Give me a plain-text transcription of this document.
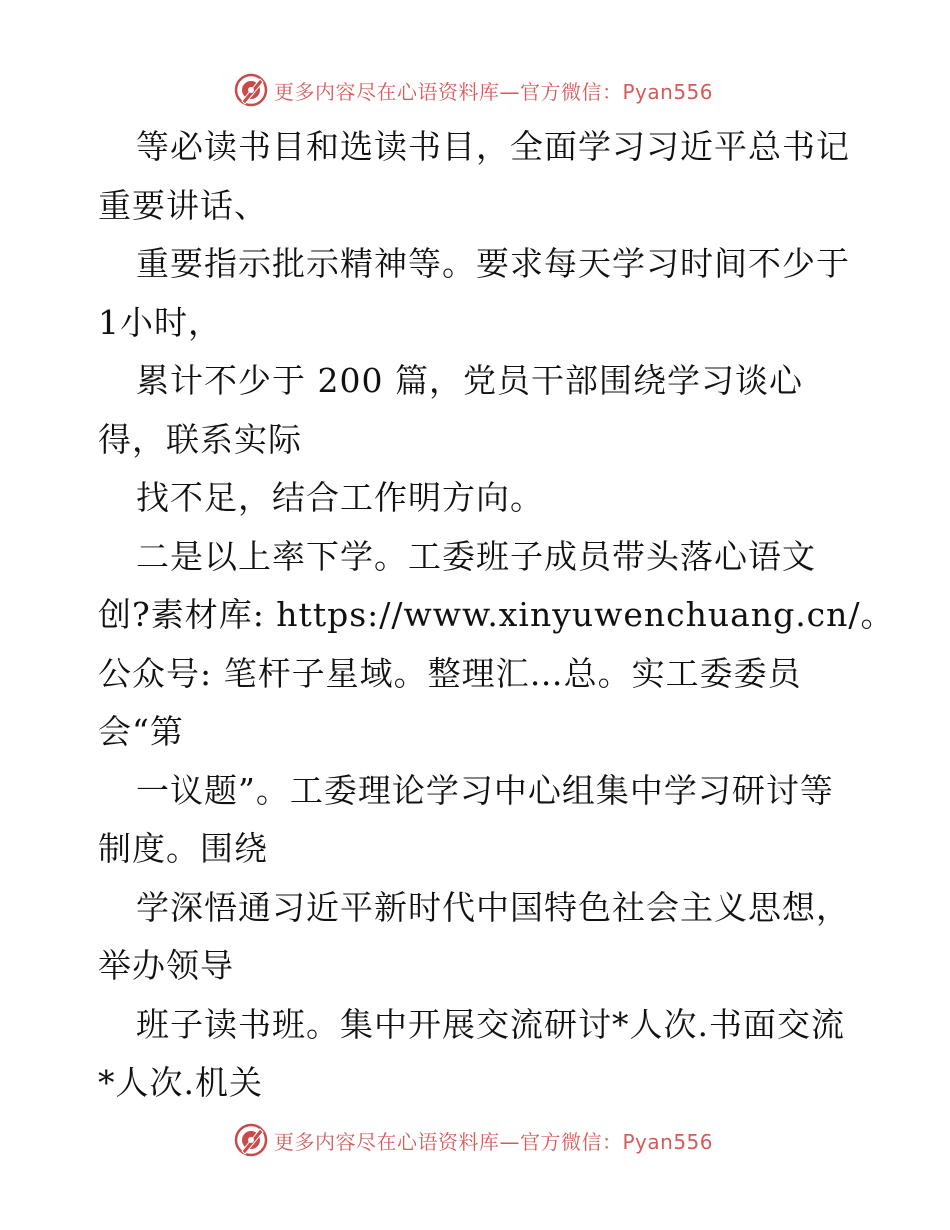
更多内容尽在心语资料库—官方微信：Pyan556
等必读书目和选读书目，全面学习习近平总书记
重要讲话、
重要指示批示精神等。要求每天学习时间不少于
1小时，
累计不少于 200 篇，党员干部围绕学习谈心
得，联系实际
找不足，结合工作明方向。
二是以上率下学。工委班子成员带头落心语文
创?素材库: https://www.xinyuwenchuang.cn/。
公众号: 笔杆子星域。整理汇…总。实工委委员
会“第
一议题”。工委理论学习中心组集中学习研讨等
制度。围绕
学深悟通习近平新时代中国特色社会主义思想，
举办领导
班子读书班。集中开展交流研讨*人次.书面交流
*人次.机关
更多内容尽在心语资料库—官方微信：Pyan556
